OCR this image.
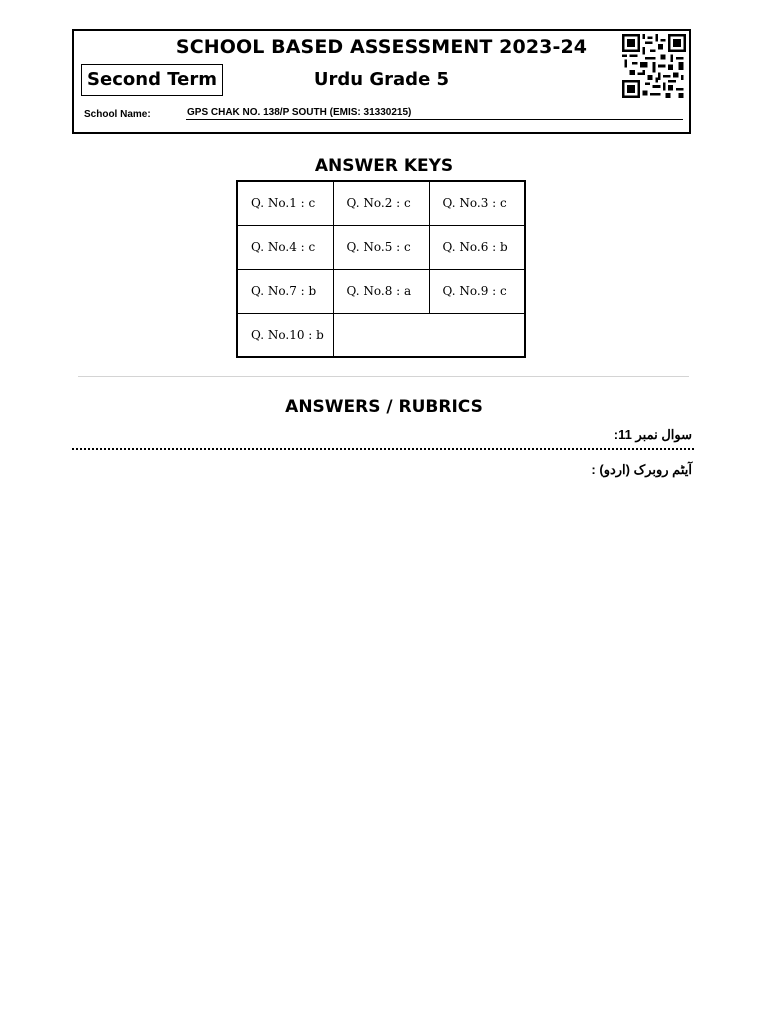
SCHOOL BASED ASSESSMENT 2023-24
Second Term	Urdu Grade 5
School Name:	GPS CHAK NO. 138/P SOUTH (EMIS: 31330215)
ANSWER KEYS
Q. No.1 : c	Q. No.2 : c	Q. No.3 : c
Q. No.4 : c	Q. No.5 : c	Q. No.6 : b
Q. No.7 : b	Q. No.8 : a	Q. No.9 : c
Q. No.10 : b		
ANSWERS / RUBRICS
سوال نمبر 11:
آیٹم روبرک (اردو) :
